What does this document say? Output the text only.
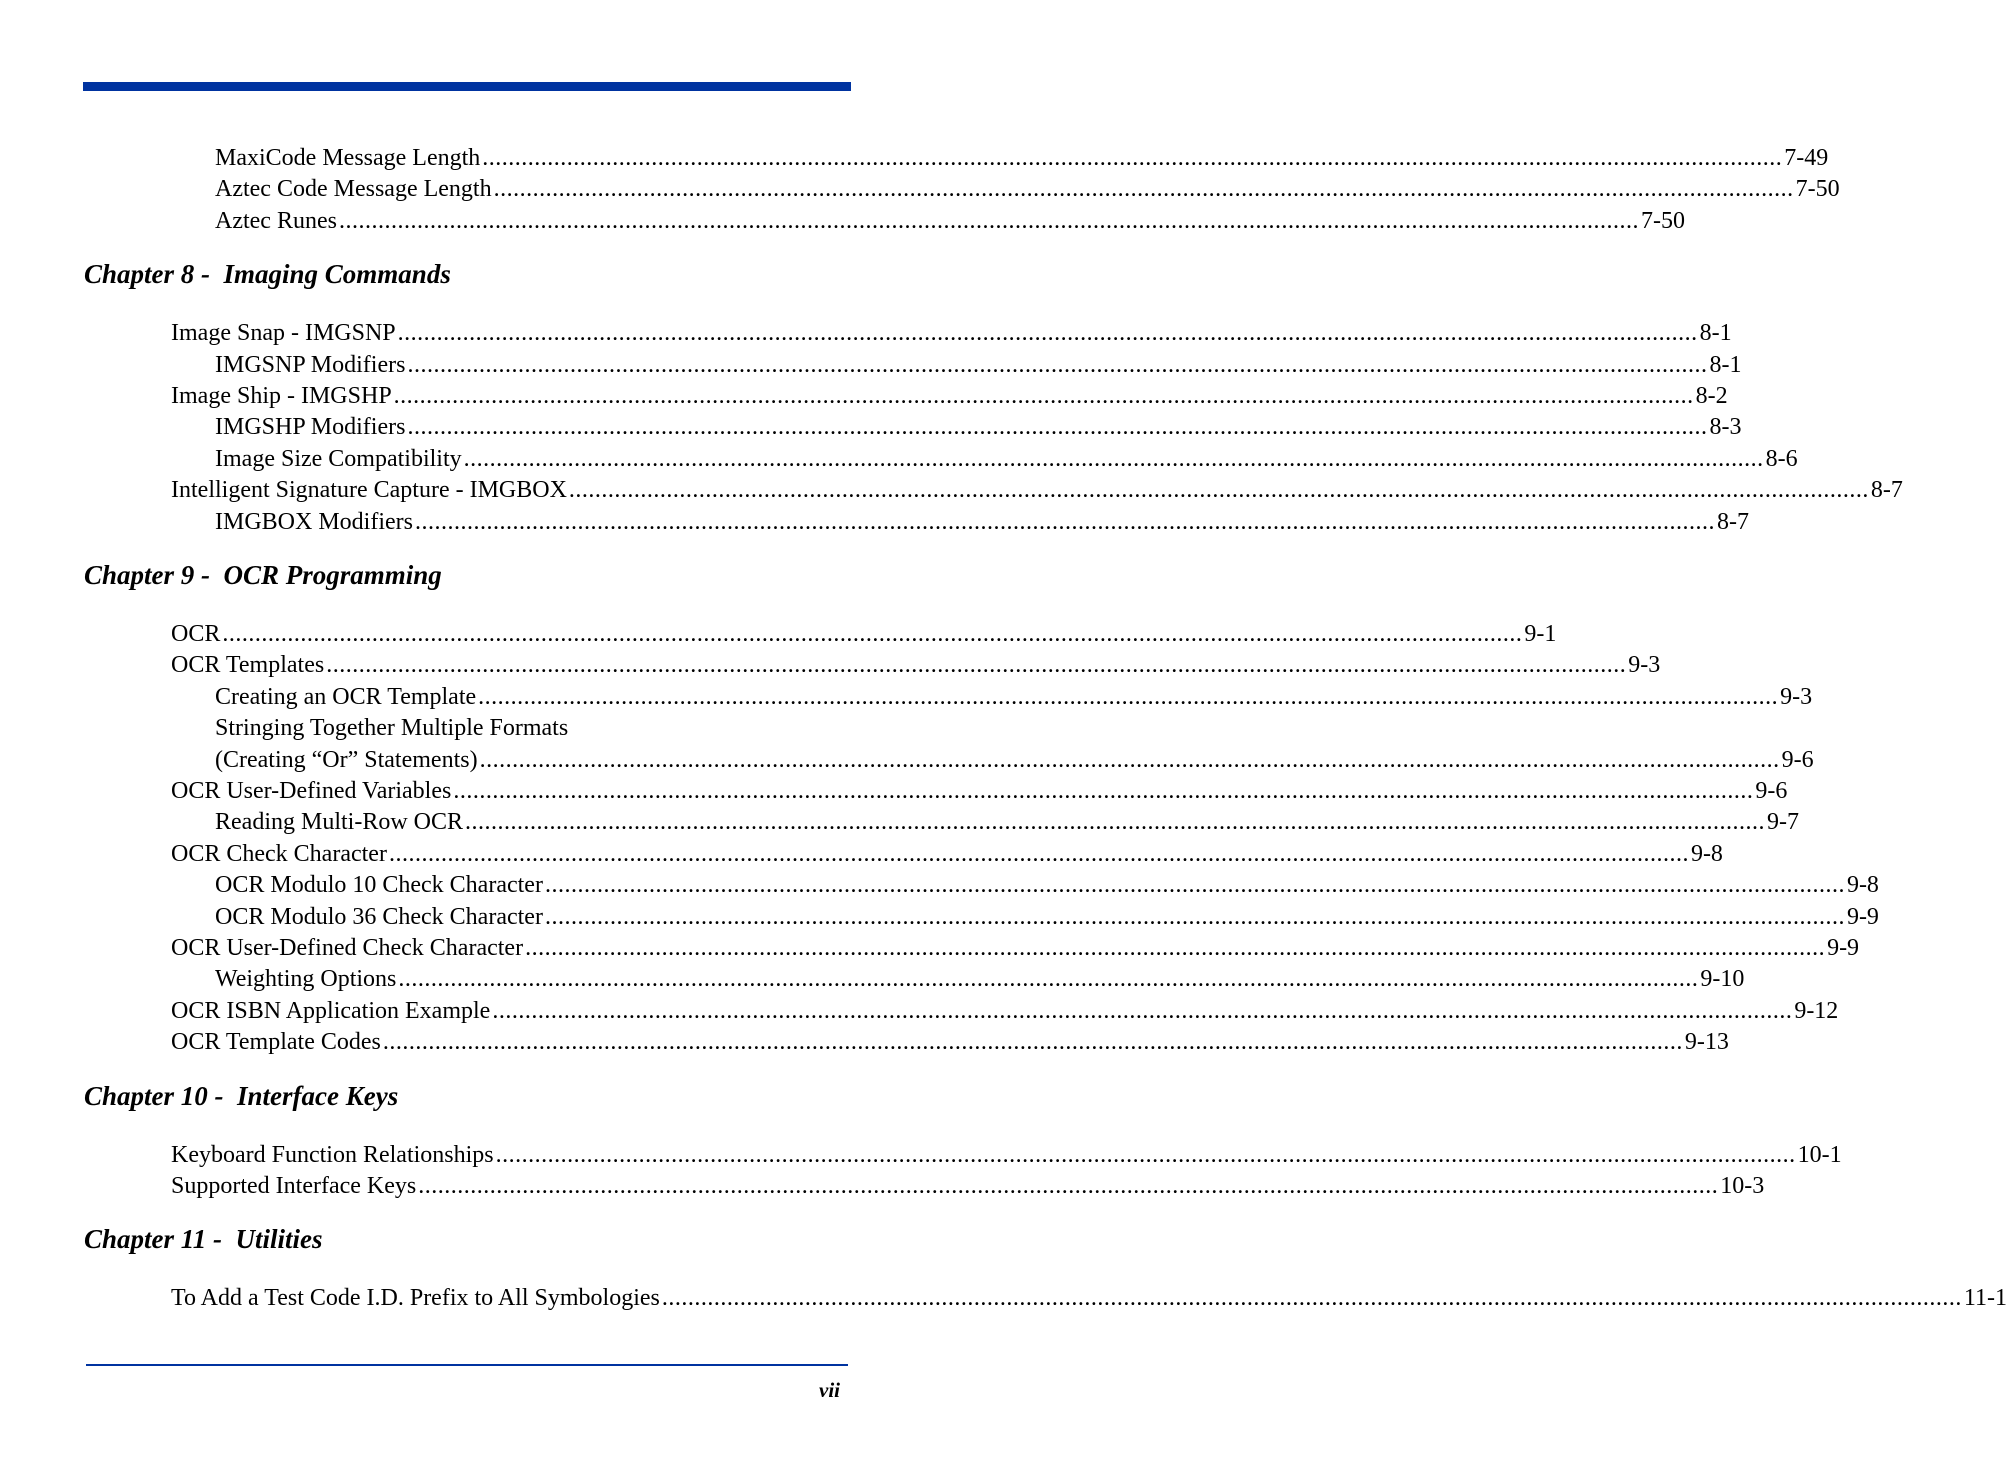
MaxiCode Message Length ........................................................................................................................................................................................................ 7-49
Aztec Code Message Length ........................................................................................................................................................................................................ 7-50
Aztec Runes ........................................................................................................................................................................................................ 7-50
Chapter 8 -  Imaging Commands
Image Snap - IMGSNP ........................................................................................................................................................................................................ 8-1
IMGSNP Modifiers ........................................................................................................................................................................................................ 8-1
Image Ship - IMGSHP ........................................................................................................................................................................................................ 8-2
IMGSHP Modifiers ........................................................................................................................................................................................................ 8-3
Image Size Compatibility ........................................................................................................................................................................................................ 8-6
Intelligent Signature Capture - IMGBOX ........................................................................................................................................................................................................ 8-7
IMGBOX Modifiers ........................................................................................................................................................................................................ 8-7
Chapter 9 -  OCR Programming
OCR ........................................................................................................................................................................................................ 9-1
OCR Templates ........................................................................................................................................................................................................ 9-3
Creating an OCR Template ........................................................................................................................................................................................................ 9-3
Stringing Together Multiple Formats
(Creating “Or” Statements) ........................................................................................................................................................................................................ 9-6
OCR User-Defined Variables ........................................................................................................................................................................................................ 9-6
Reading Multi-Row OCR ........................................................................................................................................................................................................ 9-7
OCR Check Character ........................................................................................................................................................................................................ 9-8
OCR Modulo 10 Check Character ........................................................................................................................................................................................................ 9-8
OCR Modulo 36 Check Character ........................................................................................................................................................................................................ 9-9
OCR User-Defined Check Character ........................................................................................................................................................................................................ 9-9
Weighting Options ........................................................................................................................................................................................................ 9-10
OCR ISBN Application Example ........................................................................................................................................................................................................ 9-12
OCR Template Codes ........................................................................................................................................................................................................ 9-13
Chapter 10 -  Interface Keys
Keyboard Function Relationships ........................................................................................................................................................................................................ 10-1
Supported Interface Keys ........................................................................................................................................................................................................ 10-3
Chapter 11 -  Utilities
To Add a Test Code I.D. Prefix to All Symbologies ........................................................................................................................................................................................................ 11-1
vii
